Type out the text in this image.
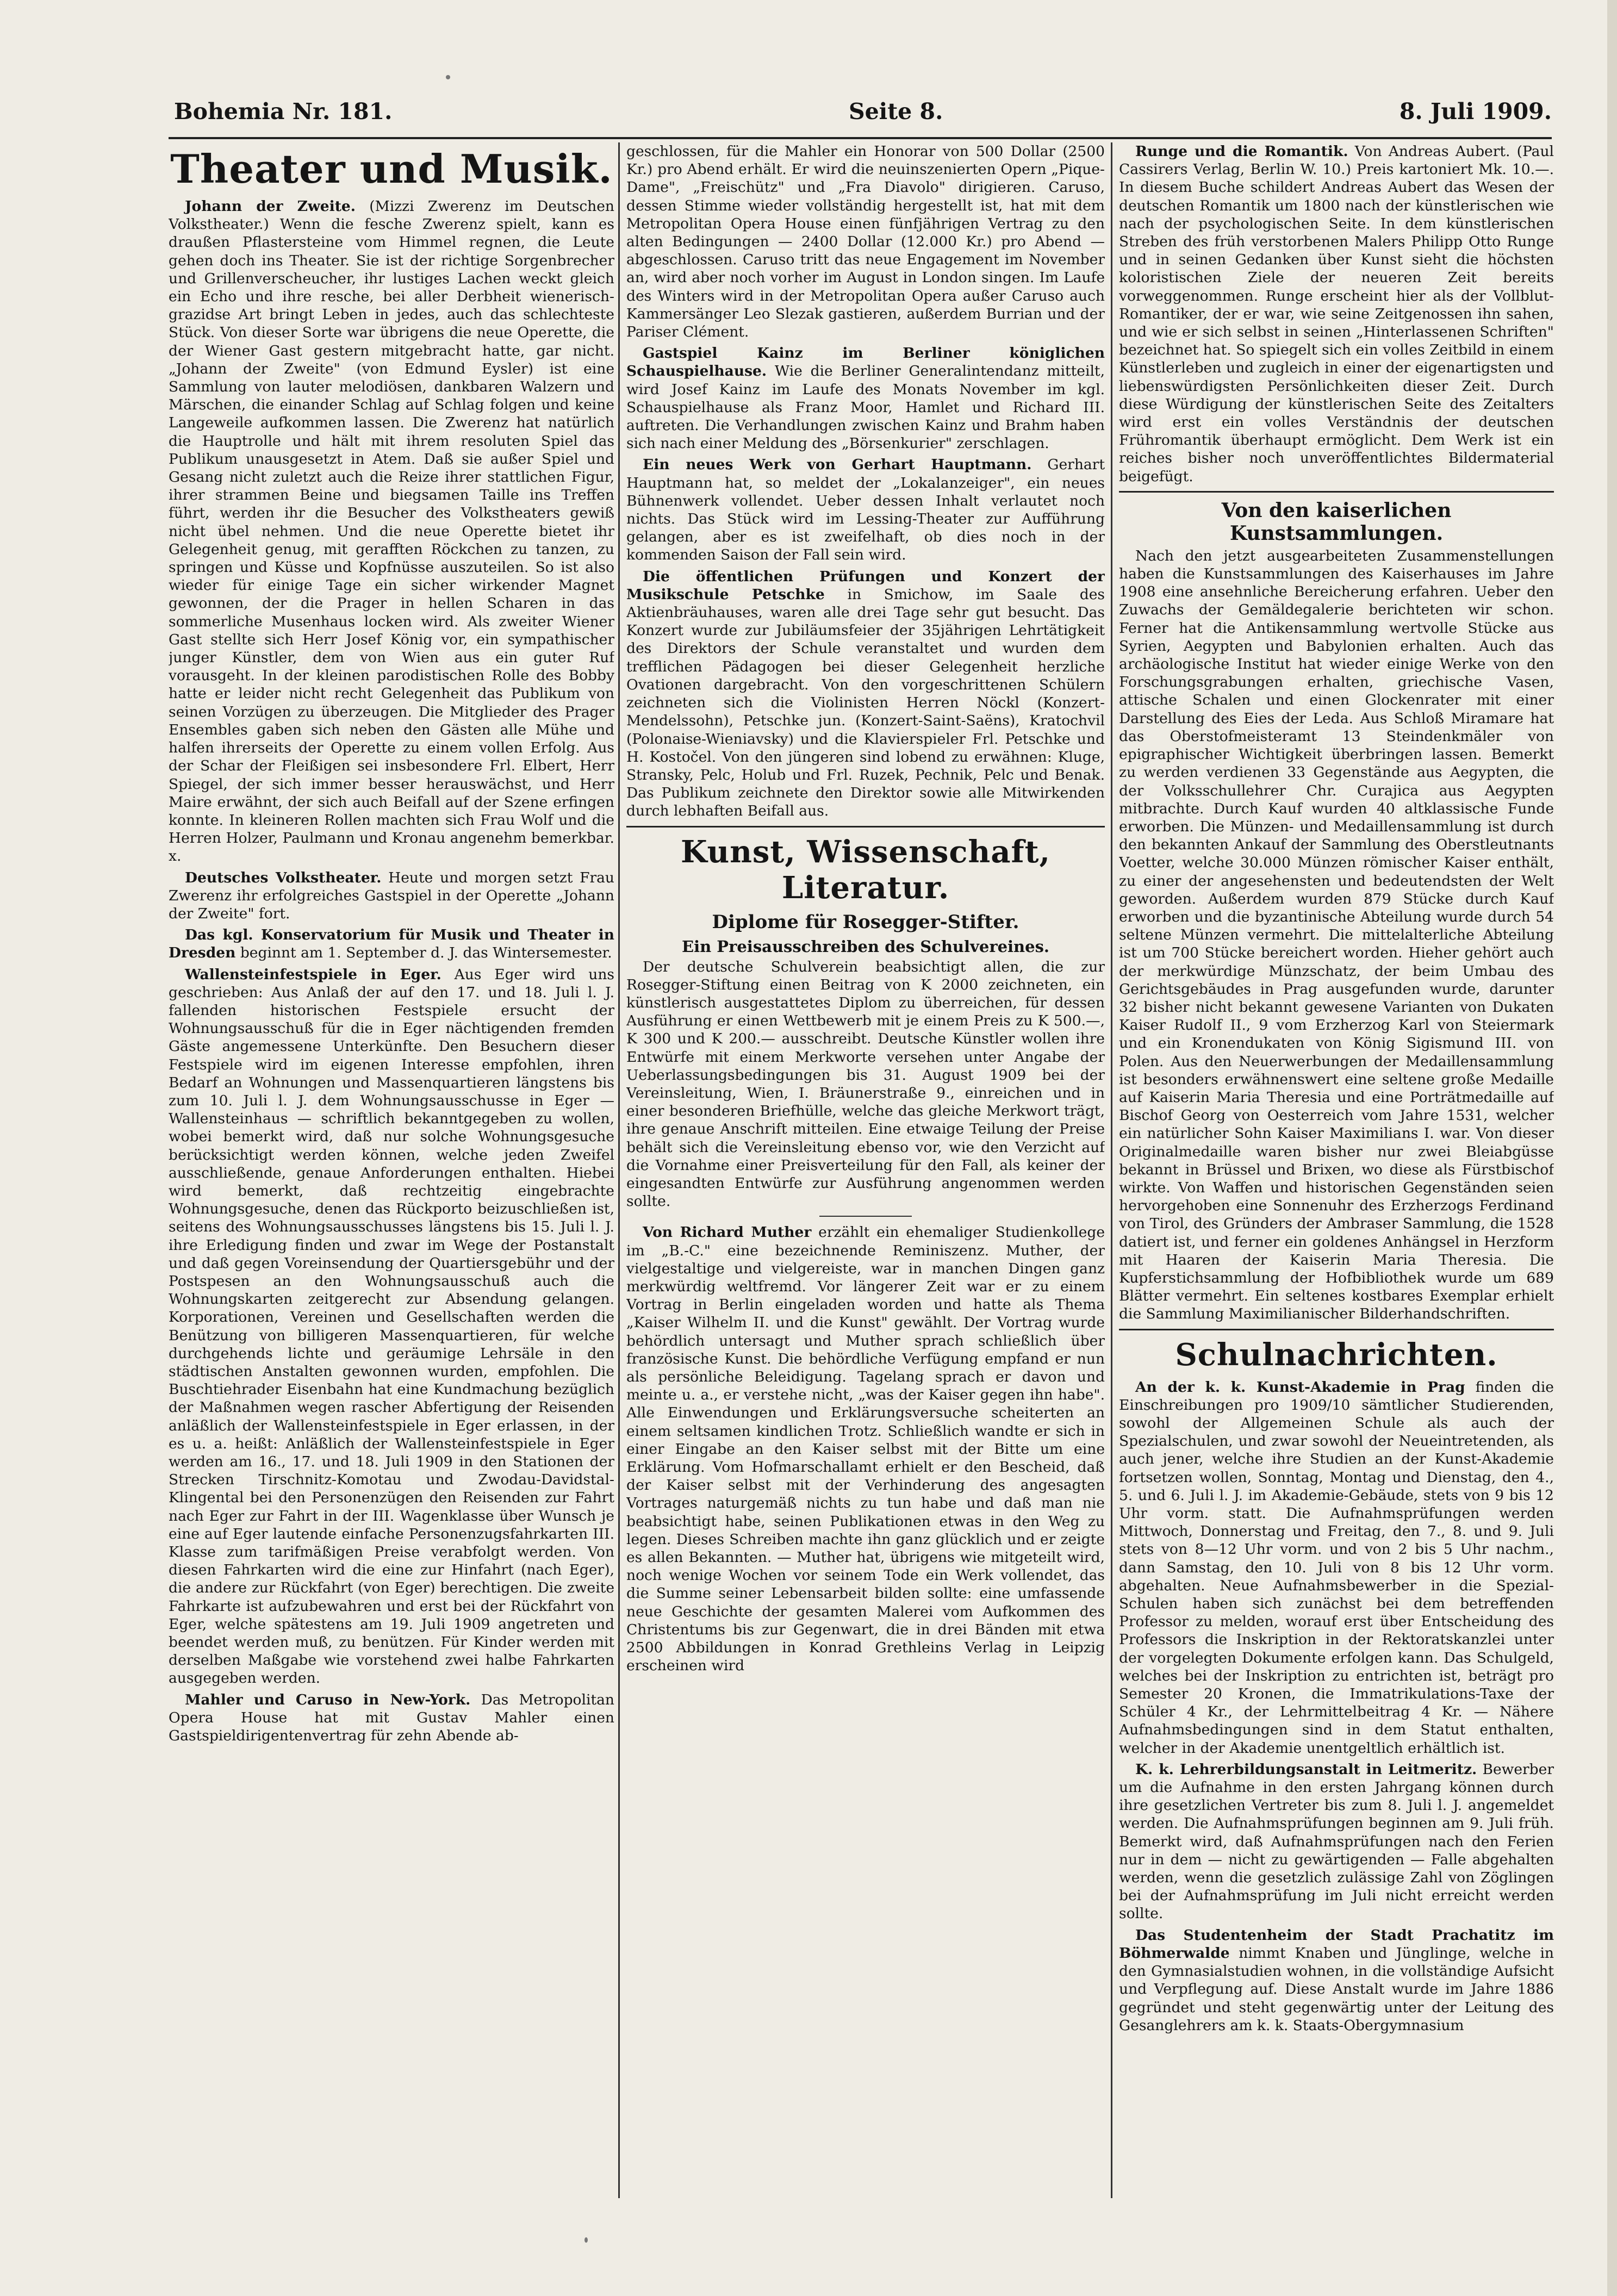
Bohemia Nr. 181.	Seite 8.	8. Juli 1909.
Theater und Musik.

Johann der Zweite. (Mizzi Zwerenz im Deutschen Volkstheater.) Wenn die fesche Zwerenz spielt, kann es draußen Pflastersteine vom Himmel regnen, die Leute gehen doch ins Theater. Sie ist der richtige Sorgenbrecher und Grillenverscheucher, ihr lustiges Lachen weckt gleich ein Echo und ihre resche, bei aller Derbheit wienerisch-grazidse Art bringt Leben in jedes, auch das schlechteste Stück. Von dieser Sorte war übrigens die neue Operette, die der Wiener Gast gestern mitgebracht hatte, gar nicht. „Johann der Zweite" (von Edmund Eysler) ist eine Sammlung von lauter melodiösen, dankbaren Walzern und Märschen, die einander Schlag auf Schlag folgen und keine Langeweile aufkommen lassen. Die Zwerenz hat natürlich die Hauptrolle und hält mit ihrem resoluten Spiel das Publikum unausgesetzt in Atem. Daß sie außer Spiel und Gesang nicht zuletzt auch die Reize ihrer stattlichen Figur, ihrer strammen Beine und biegsamen Taille ins Treffen führt, werden ihr die Besucher des Volkstheaters gewiß nicht übel nehmen. Und die neue Operette bietet ihr Gelegenheit genug, mit gerafften Röckchen zu tanzen, zu springen und Küsse und Kopfnüsse auszuteilen. So ist also wieder für einige Tage ein sicher wirkender Magnet gewonnen, der die Prager in hellen Scharen in das sommerliche Musenhaus locken wird. Als zweiter Wiener Gast stellte sich Herr Josef König vor, ein sympathischer junger Künstler, dem von Wien aus ein guter Ruf vorausgeht. In der kleinen parodistischen Rolle des Bobby hatte er leider nicht recht Gelegenheit das Publikum von seinen Vorzügen zu überzeugen. Die Mitglieder des Prager Ensembles gaben sich neben den Gästen alle Mühe und halfen ihrerseits der Operette zu einem vollen Erfolg. Aus der Schar der Fleißigen sei insbesondere Frl. Elbert, Herr Spiegel, der sich immer besser herauswächst, und Herr Maire erwähnt, der sich auch Beifall auf der Szene erfingen konnte. In kleineren Rollen machten sich Frau Wolf und die Herren Holzer, Paulmann und Kronau angenehm bemerkbar. x.

Deutsches Volkstheater. Heute und morgen setzt Frau Zwerenz ihr erfolgreiches Gastspiel in der Operette „Johann der Zweite" fort.

Das kgl. Konservatorium für Musik und Theater in Dresden beginnt am 1. September d. J. das Wintersemester.

Wallensteinfestspiele in Eger. Aus Eger wird uns geschrieben: Aus Anlaß der auf den 17. und 18. Juli l. J. fallenden historischen Festspiele ersucht der Wohnungsausschuß für die in Eger nächtigenden fremden Gäste angemessene Unterkünfte. Den Besuchern dieser Festspiele wird im eigenen Interesse empfohlen, ihren Bedarf an Wohnungen und Massenquartieren längstens bis zum 10. Juli l. J. dem Wohnungsausschusse in Eger — Wallensteinhaus — schriftlich bekanntgegeben zu wollen, wobei bemerkt wird, daß nur solche Wohnungsgesuche berücksichtigt werden können, welche jeden Zweifel ausschließende, genaue Anforderungen enthalten. Hiebei wird bemerkt, daß rechtzeitig eingebrachte Wohnungsgesuche, denen das Rückporto beizuschließen ist, seitens des Wohnungsausschusses längstens bis 15. Juli l. J. ihre Erledigung finden und zwar im Wege der Postanstalt und daß gegen Voreinsendung der Quartiersgebühr und der Postspesen an den Wohnungsausschuß auch die Wohnungskarten zeitgerecht zur Absendung gelangen. Korporationen, Vereinen und Gesellschaften werden die Benützung von billigeren Massenquartieren, für welche durchgehends lichte und geräumige Lehrsäle in den städtischen Anstalten gewonnen wurden, empfohlen. Die Buschtiehrader Eisenbahn hat eine Kundmachung bezüglich der Maßnahmen wegen rascher Abfertigung der Reisenden anläßlich der Wallensteinfestspiele in Eger erlassen, in der es u. a. heißt: Anläßlich der Wallensteinfestspiele in Eger werden am 16., 17. und 18. Juli 1909 in den Stationen der Strecken Tirschnitz-Komotau und Zwodau-Davidstal-Klingental bei den Personenzügen den Reisenden zur Fahrt nach Eger zur Fahrt in der III. Wagenklasse über Wunsch je eine auf Eger lautende einfache Personenzugsfahrkarten III. Klasse zum tarifmäßigen Preise verabfolgt werden. Von diesen Fahrkarten wird die eine zur Hinfahrt (nach Eger), die andere zur Rückfahrt (von Eger) berechtigen. Die zweite Fahrkarte ist aufzubewahren und erst bei der Rückfahrt von Eger, welche spätestens am 19. Juli 1909 angetreten und beendet werden muß, zu benützen. Für Kinder werden mit derselben Maßgabe wie vorstehend zwei halbe Fahrkarten ausgegeben werden.

Mahler und Caruso in New-York. Das Metropolitan Opera House hat mit Gustav Mahler einen Gastspieldirigentenvertrag für zehn Abende ab-

geschlossen, für die Mahler ein Honorar von 500 Dollar (2500 Kr.) pro Abend erhält. Er wird die neuinszenierten Opern „Pique-Dame", „Freischütz" und „Fra Diavolo" dirigieren. Caruso, dessen Stimme wieder vollständig hergestellt ist, hat mit dem Metropolitan Opera House einen fünfjährigen Vertrag zu den alten Bedingungen — 2400 Dollar (12.000 Kr.) pro Abend — abgeschlossen. Caruso tritt das neue Engagement im November an, wird aber noch vorher im August in London singen. Im Laufe des Winters wird in der Metropolitan Opera außer Caruso auch Kammersänger Leo Slezak gastieren, außerdem Burrian und der Pariser Clément.

Gastspiel Kainz im Berliner königlichen Schauspielhause. Wie die Berliner Generalintendanz mitteilt, wird Josef Kainz im Laufe des Monats November im kgl. Schauspielhause als Franz Moor, Hamlet und Richard III. auftreten. Die Verhandlungen zwischen Kainz und Brahm haben sich nach einer Meldung des „Börsenkurier" zerschlagen.

Ein neues Werk von Gerhart Hauptmann. Gerhart Hauptmann hat, so meldet der „Lokalanzeiger", ein neues Bühnenwerk vollendet. Ueber dessen Inhalt verlautet noch nichts. Das Stück wird im Lessing-Theater zur Aufführung gelangen, aber es ist zweifelhaft, ob dies noch in der kommenden Saison der Fall sein wird.

Die öffentlichen Prüfungen und Konzert der Musikschule Petschke in Smichow, im Saale des Aktienbräuhauses, waren alle drei Tage sehr gut besucht. Das Konzert wurde zur Jubiläumsfeier der 35jährigen Lehrtätigkeit des Direktors der Schule veranstaltet und wurden dem trefflichen Pädagogen bei dieser Gelegenheit herzliche Ovationen dargebracht. Von den vorgeschrittenen Schülern zeichneten sich die Violinisten Herren Nöckl (Konzert-Mendelssohn), Petschke jun. (Konzert-Saint-Saëns), Kratochvil (Polonaise-Wieniavsky) und die Klavierspieler Frl. Petschke und H. Kostočel. Von den jüngeren sind lobend zu erwähnen: Kluge, Stransky, Pelc, Holub und Frl. Ruzek, Pechnik, Pelc und Benak. Das Publikum zeichnete den Direktor sowie alle Mitwirkenden durch lebhaften Beifall aus.

Kunst, Wissenschaft, Literatur.
Diplome für Rosegger-Stifter.
Ein Preisausschreiben des Schulvereines.

Der deutsche Schulverein beabsichtigt allen, die zur Rosegger-Stiftung einen Beitrag von K 2000 zeichneten, ein künstlerisch ausgestattetes Diplom zu überreichen, für dessen Ausführung er einen Wettbewerb mit je einem Preis zu K 500.—, K 300 und K 200.— ausschreibt. Deutsche Künstler wollen ihre Entwürfe mit einem Merkworte versehen unter Angabe der Ueberlassungsbedingungen bis 31. August 1909 bei der Vereinsleitung, Wien, I. Bräunerstraße 9., einreichen und in einer besonderen Briefhülle, welche das gleiche Merkwort trägt, ihre genaue Anschrift mitteilen. Eine etwaige Teilung der Preise behält sich die Vereinsleitung ebenso vor, wie den Verzicht auf die Vornahme einer Preisverteilung für den Fall, als keiner der eingesandten Entwürfe zur Ausführung angenommen werden sollte.

Von Richard Muther erzählt ein ehemaliger Studienkollege im „B.-C." eine bezeichnende Reminiszenz. Muther, der vielgestaltige und vielgereiste, war in manchen Dingen ganz merkwürdig weltfremd. Vor längerer Zeit war er zu einem Vortrag in Berlin eingeladen worden und hatte als Thema „Kaiser Wilhelm II. und die Kunst" gewählt. Der Vortrag wurde behördlich untersagt und Muther sprach schließlich über französische Kunst. Die behördliche Verfügung empfand er nun als persönliche Beleidigung. Tagelang sprach er davon und meinte u. a., er verstehe nicht, „was der Kaiser gegen ihn habe". Alle Einwendungen und Erklärungsversuche scheiterten an einem seltsamen kindlichen Trotz. Schließlich wandte er sich in einer Eingabe an den Kaiser selbst mit der Bitte um eine Erklärung. Vom Hofmarschallamt erhielt er den Bescheid, daß der Kaiser selbst mit der Verhinderung des angesagten Vortrages naturgemäß nichts zu tun habe und daß man nie beabsichtigt habe, seinen Publikationen etwas in den Weg zu legen. Dieses Schreiben machte ihn ganz glücklich und er zeigte es allen Bekannten. — Muther hat, übrigens wie mitgeteilt wird, noch wenige Wochen vor seinem Tode ein Werk vollendet, das die Summe seiner Lebensarbeit bilden sollte: eine umfassende neue Geschichte der gesamten Malerei vom Aufkommen des Christentums bis zur Gegenwart, die in drei Bänden mit etwa 2500 Abbildungen in Konrad Grethleins Verlag in Leipzig erscheinen wird

Runge und die Romantik. Von Andreas Aubert. (Paul Cassirers Verlag, Berlin W. 10.) Preis kartoniert Mk. 10.—. In diesem Buche schildert Andreas Aubert das Wesen der deutschen Romantik um 1800 nach der künstlerischen wie nach der psychologischen Seite. In dem künstlerischen Streben des früh verstorbenen Malers Philipp Otto Runge und in seinen Gedanken über Kunst sieht die höchsten koloristischen Ziele der neueren Zeit bereits vorweggenommen. Runge erscheint hier als der Vollblut-Romantiker, der er war, wie seine Zeitgenossen ihn sahen, und wie er sich selbst in seinen „Hinterlassenen Schriften" bezeichnet hat. So spiegelt sich ein volles Zeitbild in einem Künstlerleben und zugleich in einer der eigenartigsten und liebenswürdigsten Persönlichkeiten dieser Zeit. Durch diese Würdigung der künstlerischen Seite des Zeitalters wird erst ein volles Verständnis der deutschen Frühromantik überhaupt ermöglicht. Dem Werk ist ein reiches bisher noch unveröffentlichtes Bildermaterial beigefügt.

Von den kaiserlichen Kunstsammlungen.

Nach den jetzt ausgearbeiteten Zusammenstellungen haben die Kunstsammlungen des Kaiserhauses im Jahre 1908 eine ansehnliche Bereicherung erfahren. Ueber den Zuwachs der Gemäldegalerie berichteten wir schon. Ferner hat die Antikensammlung wertvolle Stücke aus Syrien, Aegypten und Babylonien erhalten. Auch das archäologische Institut hat wieder einige Werke von den Forschungsgrabungen erhalten, griechische Vasen, attische Schalen und einen Glockenrater mit einer Darstellung des Eies der Leda. Aus Schloß Miramare hat das Oberstofmeisteramt 13 Steindenkmäler von epigraphischer Wichtigkeit überbringen lassen. Bemerkt zu werden verdienen 33 Gegenstände aus Aegypten, die der Volksschullehrer Chr. Curajica aus Aegypten mitbrachte. Durch Kauf wurden 40 altklassische Funde erworben. Die Münzen- und Medaillensammlung ist durch den bekannten Ankauf der Sammlung des Oberstleutnants Voetter, welche 30.000 Münzen römischer Kaiser enthält, zu einer der angesehensten und bedeutendsten der Welt geworden. Außerdem wurden 879 Stücke durch Kauf erworben und die byzantinische Abteilung wurde durch 54 seltene Münzen vermehrt. Die mittelalterliche Abteilung ist um 700 Stücke bereichert worden. Hieher gehört auch der merkwürdige Münzschatz, der beim Umbau des Gerichtsgebäudes in Prag ausgefunden wurde, darunter 32 bisher nicht bekannt gewesene Varianten von Dukaten Kaiser Rudolf II., 9 vom Erzherzog Karl von Steiermark und ein Kronendukaten von König Sigismund III. von Polen. Aus den Neuerwerbungen der Medaillensammlung ist besonders erwähnenswert eine seltene große Medaille auf Kaiserin Maria Theresia und eine Porträtmedaille auf Bischof Georg von Oesterreich vom Jahre 1531, welcher ein natürlicher Sohn Kaiser Maximilians I. war. Von dieser Originalmedaille waren bisher nur zwei Bleiabgüsse bekannt in Brüssel und Brixen, wo diese als Fürstbischof wirkte. Von Waffen und historischen Gegenständen seien hervorgehoben eine Sonnenuhr des Erzherzogs Ferdinand von Tirol, des Gründers der Ambraser Sammlung, die 1528 datiert ist, und ferner ein goldenes Anhängsel in Herzform mit Haaren der Kaiserin Maria Theresia. Die Kupferstichsammlung der Hofbibliothek wurde um 689 Blätter vermehrt. Ein seltenes kostbares Exemplar erhielt die Sammlung Maximilianischer Bilderhandschriften.

Schulnachrichten.

An der k. k. Kunst-Akademie in Prag finden die Einschreibungen pro 1909/10 sämtlicher Studierenden, sowohl der Allgemeinen Schule als auch der Spezialschulen, und zwar sowohl der Neueintretenden, als auch jener, welche ihre Studien an der Kunst-Akademie fortsetzen wollen, Sonntag, Montag und Dienstag, den 4., 5. und 6. Juli l. J. im Akademie-Gebäude, stets von 9 bis 12 Uhr vorm. statt. Die Aufnahmsprüfungen werden Mittwoch, Donnerstag und Freitag, den 7., 8. und 9. Juli stets von 8—12 Uhr vorm. und von 2 bis 5 Uhr nachm., dann Samstag, den 10. Juli von 8 bis 12 Uhr vorm. abgehalten. Neue Aufnahmsbewerber in die Spezial-Schulen haben sich zunächst bei dem betreffenden Professor zu melden, worauf erst über Entscheidung des Professors die Inskription in der Rektoratskanzlei unter der vorgelegten Dokumente erfolgen kann. Das Schulgeld, welches bei der Inskription zu entrichten ist, beträgt pro Semester 20 Kronen, die Immatrikulations-Taxe der Schüler 4 Kr., der Lehrmittelbeitrag 4 Kr. — Nähere Aufnahmsbedingungen sind in dem Statut enthalten, welcher in der Akademie unentgeltlich erhältlich ist.

K. k. Lehrerbildungsanstalt in Leitmeritz. Bewerber um die Aufnahme in den ersten Jahrgang können durch ihre gesetzlichen Vertreter bis zum 8. Juli l. J. angemeldet werden. Die Aufnahmsprüfungen beginnen am 9. Juli früh. Bemerkt wird, daß Aufnahmsprüfungen nach den Ferien nur in dem — nicht zu gewärtigenden — Falle abgehalten werden, wenn die gesetzlich zulässige Zahl von Zöglingen bei der Aufnahmsprüfung im Juli nicht erreicht werden sollte.

Das Studentenheim der Stadt Prachatitz im Böhmerwalde nimmt Knaben und Jünglinge, welche in den Gymnasialstudien wohnen, in die vollständige Aufsicht und Verpflegung auf. Diese Anstalt wurde im Jahre 1886 gegründet und steht gegenwärtig unter der Leitung des Gesanglehrers am k. k. Staats-Obergymnasium
